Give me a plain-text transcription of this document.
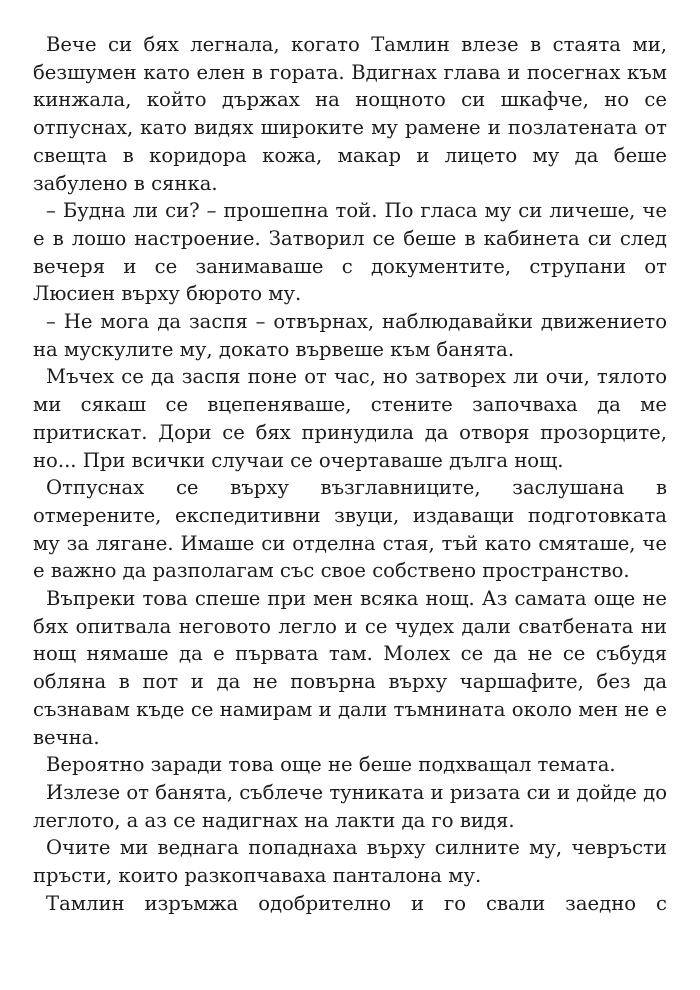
Вече си бях легнала, когато Тамлин влезе в стаята ми, безшумен като елен в гората. Вдигнах глава и посегнах към кинжала, който държах на нощното си шкафче, но се отпуснах, като видях широките му рамене и позлатената от свещта в коридора кожа, макар и лицето му да беше забулено в сянка.

– Будна ли си? – прошепна той. По гласа му си личеше, че е в лошо настроение. Затворил се беше в кабинета си след вечеря и се занимаваше с документите, струпани от Люсиен върху бюрото му.

– Не мога да заспя – отвърнах, наблюдавайки движението на мускулите му, докато вървеше към банята.

Мъчех се да заспя поне от час, но затворех ли очи, тялото ми сякаш се вцепеняваше, стените започваха да ме притискат. Дори се бях принудила да отворя прозорците, но... При всички случаи се очертаваше дълга нощ.

Отпуснах се върху възглавниците, заслушана в отмерените, експедитивни звуци, издаващи подготовката му за лягане. Имаше си отделна стая, тъй като смяташе, че е важно да разполагам със свое собствено пространство.

Въпреки това спеше при мен всяка нощ. Аз самата още не бях опитвала неговото легло и се чудех дали сватбената ни нощ нямаше да е първата там. Молех се да не се събудя обляна в пот и да не повърна върху чаршафите, без да съзнавам къде се намирам и дали тъмнината около мен не е вечна.

Вероятно заради това още не беше подхващал темата.

Излезе от банята, съблече туниката и ризата си и дойде до леглото, а аз се надигнах на лакти да го видя.

Очите ми веднага попаднаха върху силните му, чевръсти пръсти, които разкопчаваха панталона му.

Тамлин изръмжа одобрително и го свали заедно с
